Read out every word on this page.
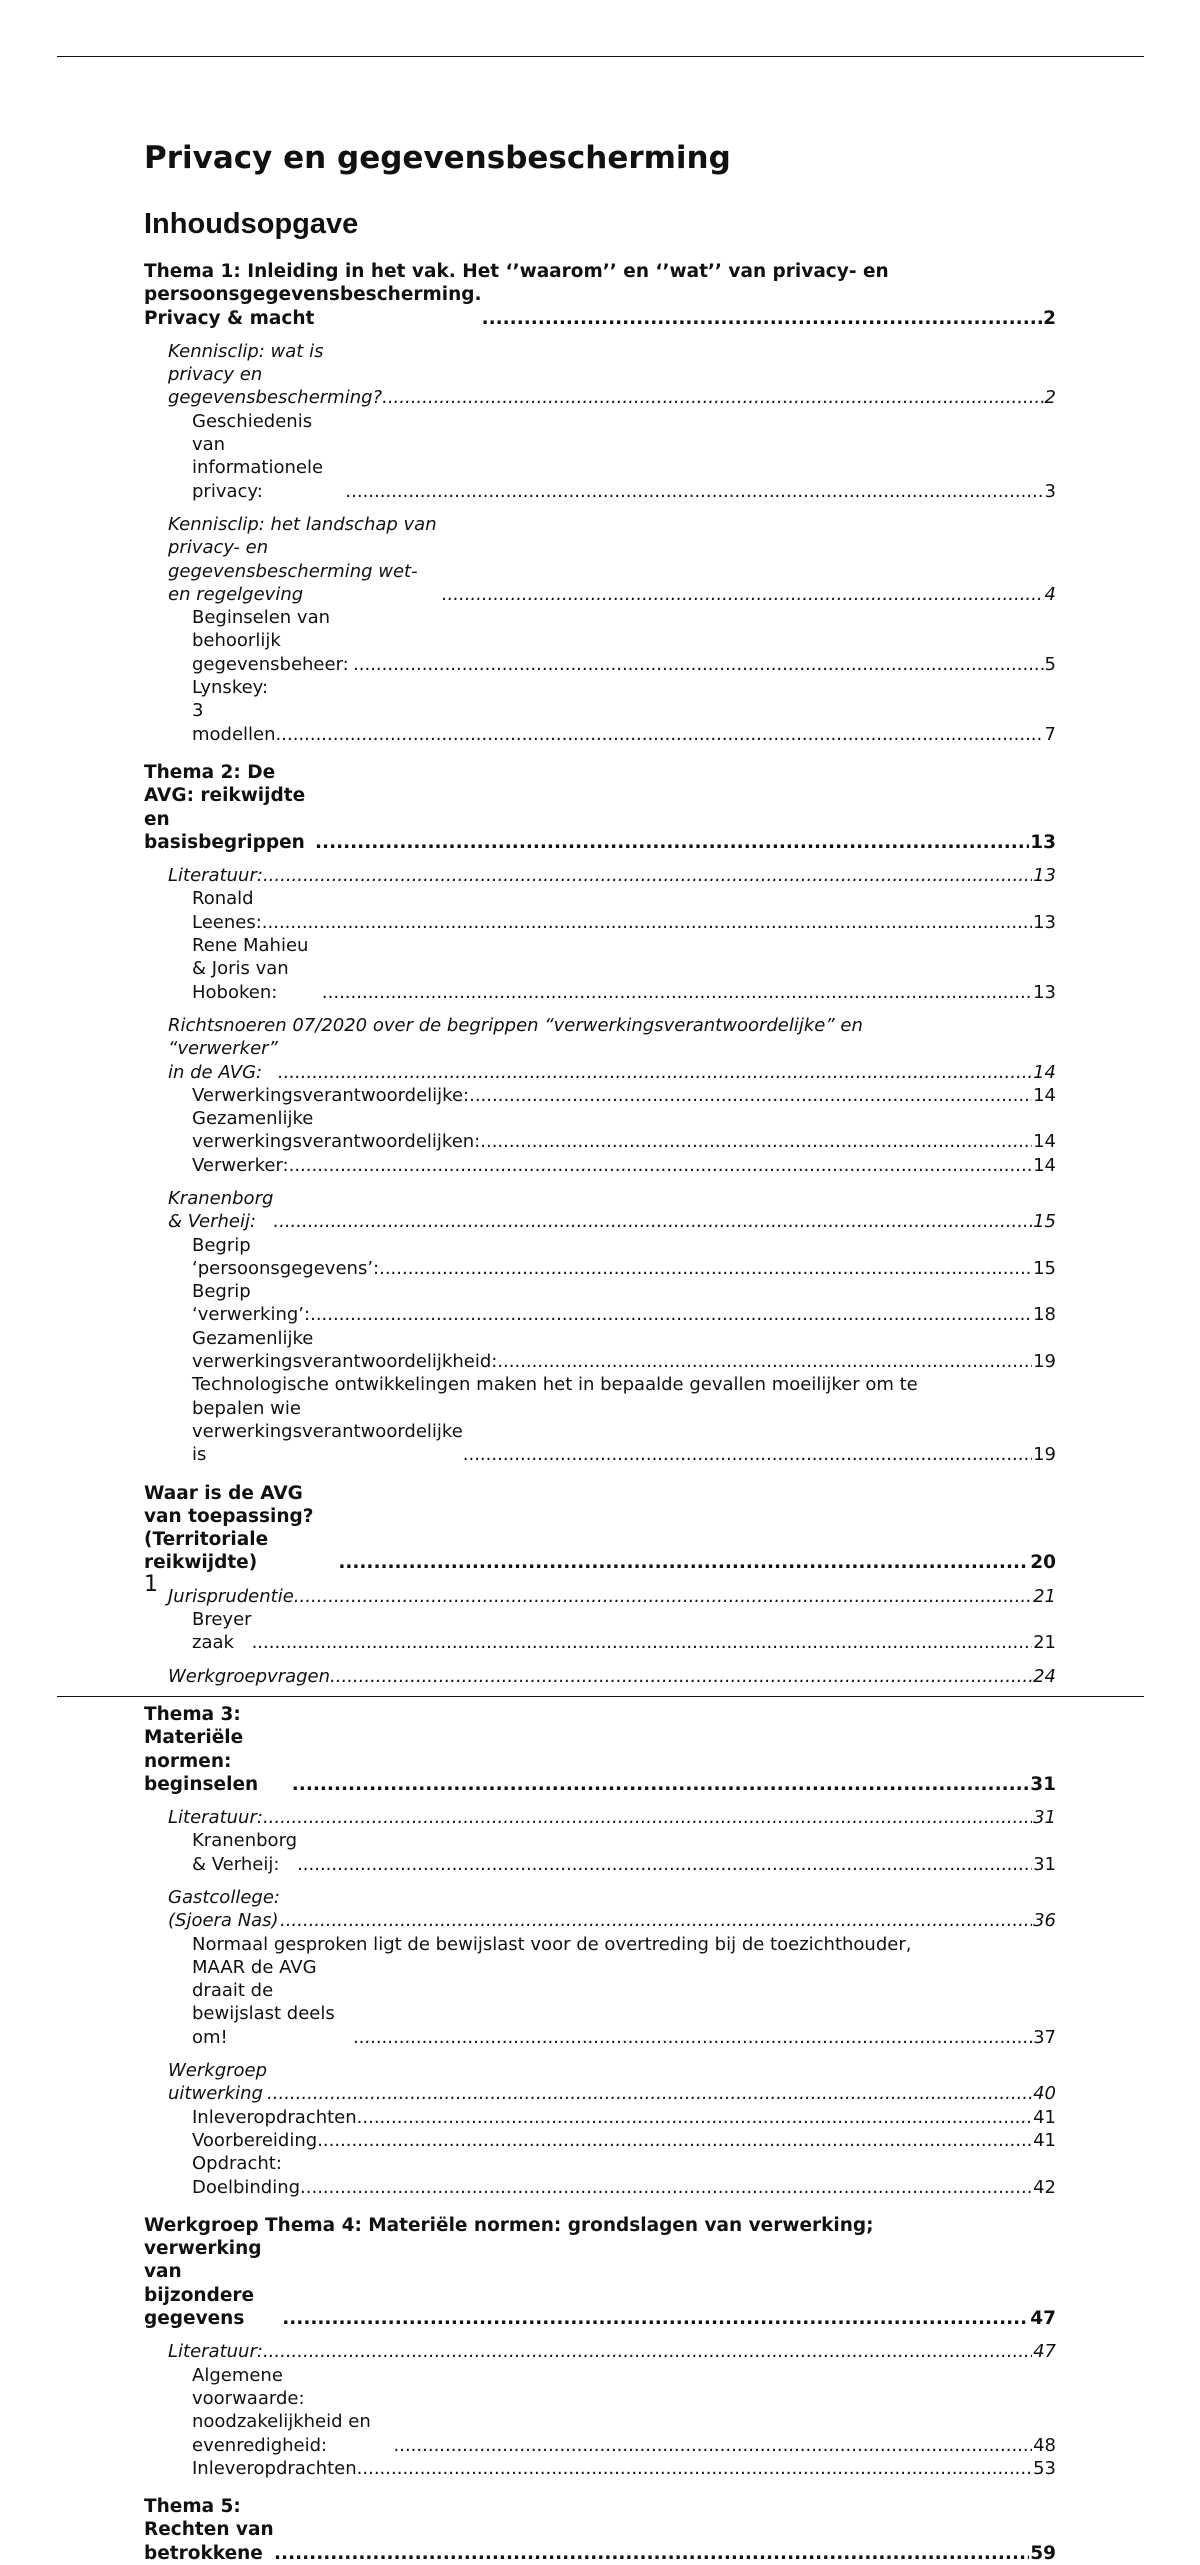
Privacy en gegevensbescherming
Inhoudsopgave
Thema 1: Inleiding in het vak. Het ‘’waarom’’ en ‘’wat’’ van privacy- en
persoonsgegevensbescherming. Privacy & macht .....	2
Kennisclip: wat is privacy en gegevensbescherming? .....	2
Geschiedenis van informationele privacy: .....	3
Kennisclip: het landschap van privacy- en gegevensbescherming wet- en regelgeving .....	4
Beginselen van behoorlijk gegevensbeheer: .....	5
Lynskey: 3 modellen .....	7
Thema 2: De AVG: reikwijdte en basisbegrippen .....	13
Literatuur: .....	13
Ronald Leenes: .....	13
Rene Mahieu & Joris van Hoboken: .....	13
Richtsnoeren 07/2020 over de begrippen “verwerkingsverantwoordelijke” en
“verwerker” in de AVG: .....	14
Verwerkingsverantwoordelijke: .....	14
Gezamenlijke verwerkingsverantwoordelijken: .....	14
Verwerker: .....	14
Kranenborg & Verheij: .....	15
Begrip ‘persoonsgegevens’: .....	15
Begrip ‘verwerking’: .....	18
Gezamenlijke verwerkingsverantwoordelijkheid: .....	19
Technologische ontwikkelingen maken het in bepaalde gevallen moeilijker om te
bepalen wie verwerkingsverantwoordelijke is .....	19
Waar is de AVG van toepassing? (Territoriale reikwijdte) .....	20
Jurisprudentie .....	21
Breyer zaak .....	21
Werkgroepvragen .....	24
Thema 3: Materiële normen: beginselen .....	31
Literatuur: .....	31
Kranenborg & Verheij: .....	31
Gastcollege: (Sjoera Nas) .....	36
Normaal gesproken ligt de bewijslast voor de overtreding bij de toezichthouder,
MAAR de AVG draait de bewijslast deels om! .....	37
Werkgroep uitwerking .....	40
Inleveropdrachten .....	41
Voorbereiding .....	41
Opdracht: Doelbinding .....	42
Werkgroep Thema 4: Materiële normen: grondslagen van verwerking;
verwerking van bijzondere gegevens .....	47
Literatuur: .....	47
Algemene voorwaarde: noodzakelijkheid en evenredigheid: .....	48
Inleveropdrachten .....	53
Thema 5: Rechten van betrokkene .....	59
1
